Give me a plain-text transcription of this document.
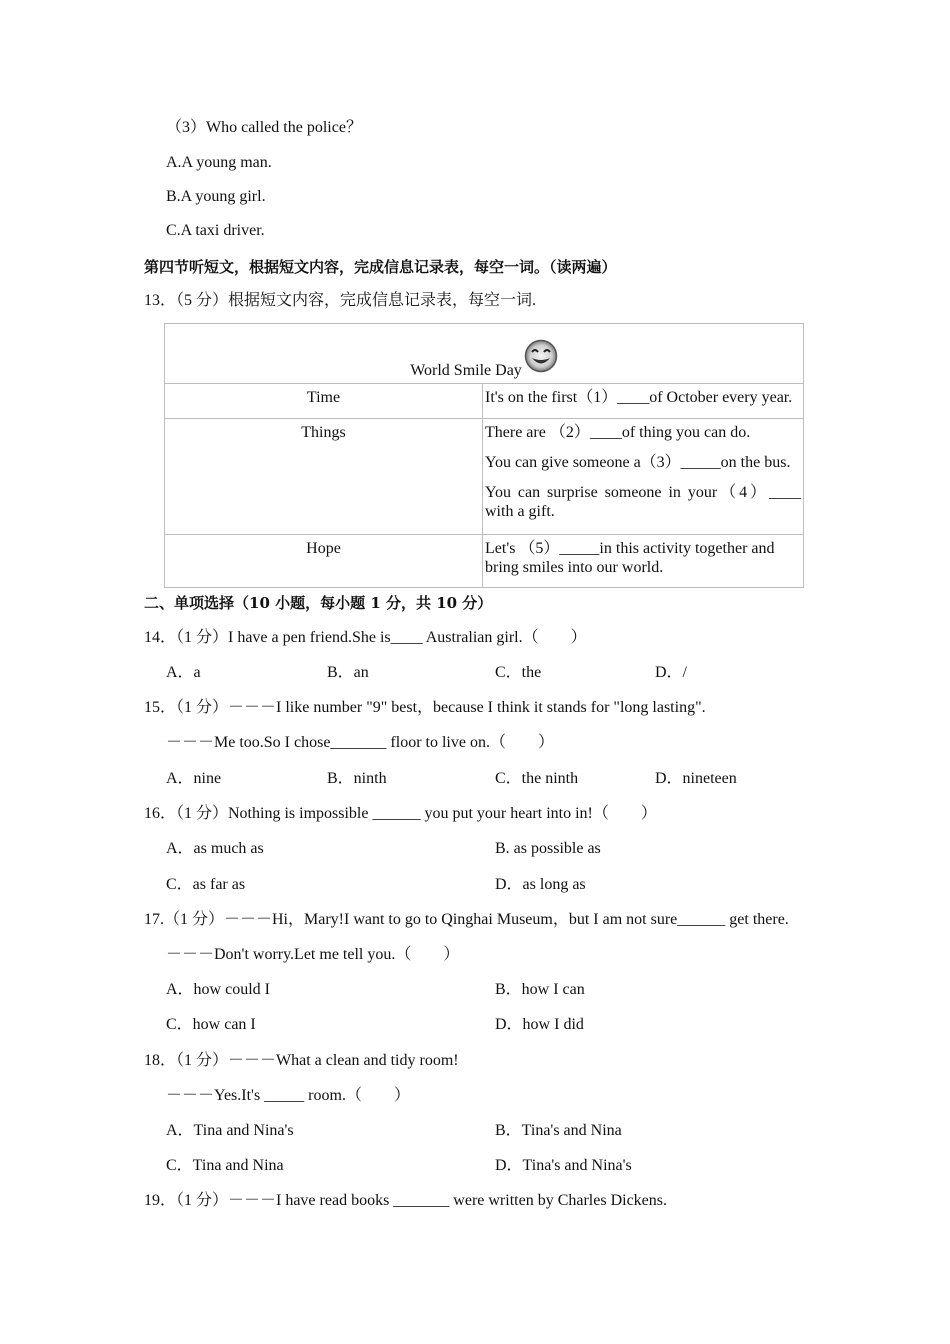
（3）Who called the police？
A.A young man.
B.A young girl.
C.A taxi driver.
第四节听短文，根据短文内容，完成信息记录表，每空一词。（读两遍）
13．（5 分）根据短文内容，完成信息记录表，每空一词.
World Smile Day	
Time	It's on the first（1）____of October every year.
Things	There are （2）____of thing you can do.

You can give someone a（3）_____on the bus.

You can surprise someone in your（4）____ with a gift.

Hope	Let's （5）_____in this activity together and bring smiles into our world.
二、单项选择（10 小题，每小题 1 分，共 10 分）
14．（1 分）I have a pen friend.She is____ Australian girl.（　　）
A．a	B．an	C．the	D．/
15．（1 分）－－－I like number "9" best，because I think it stands for "long lasting".
－－－Me too.So I chose_______ floor to live on.（　　）
A．nine	B．ninth	C．the ninth	D．nineteen
16．（1 分）Nothing is impossible ______ you put your heart into in!（　　）
A．as much as	B. as possible as
C．as far as	D．as long as
17.（1 分）－－－Hi，Mary!I want to go to Qinghai Museum，but I am not sure______ get there.
－－－Don't worry.Let me tell you.（　　）
A．how could I	B．how I can
C．how can I	D．how I did
18．（1 分）－－－What a clean and tidy room!
－－－Yes.It's _____ room.（　　）
A．Tina and Nina's	B．Tina's and Nina
C．Tina and Nina	D．Tina's and Nina's
19．（1 分）－－－I have read books _______ were written by Charles Dickens.
